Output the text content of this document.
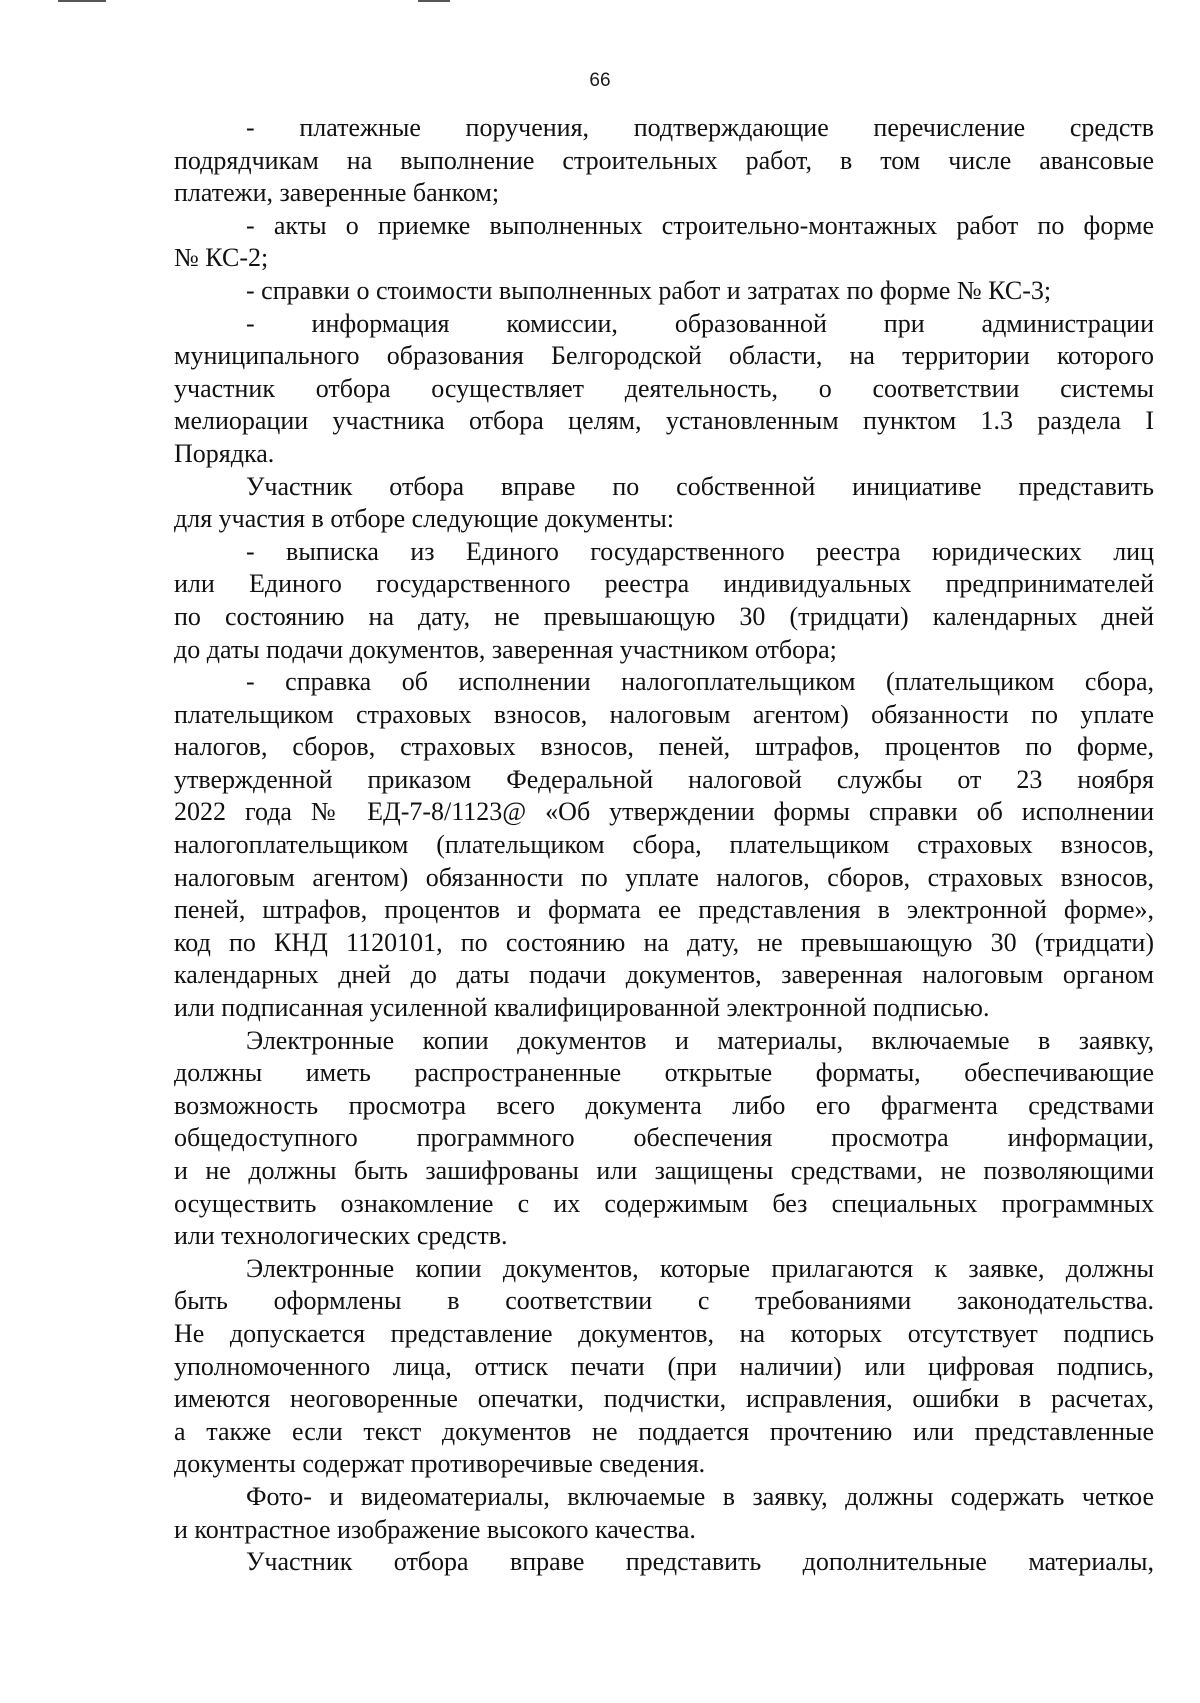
66
- платежные поручения, подтверждающие перечисление средств
подрядчикам на выполнение строительных работ, в том числе авансовые
платежи, заверенные банком;
- акты о приемке выполненных строительно-монтажных работ по форме
№ КС-2;
- справки о стоимости выполненных работ и затратах по форме № КС-3;
- информация комиссии, образованной при администрации
муниципального образования Белгородской области, на территории которого
участник отбора осуществляет деятельность, о соответствии системы
мелиорации участника отбора целям, установленным пунктом 1.3 раздела I
Порядка.
Участник отбора вправе по собственной инициативе представить
для участия в отборе следующие документы:
- выписка из Единого государственного реестра юридических лиц
или Единого государственного реестра индивидуальных предпринимателей
по состоянию на дату, не превышающую 30 (тридцати) календарных дней
до даты подачи документов, заверенная участником отбора;
- справка об исполнении налогоплательщиком (плательщиком сбора,
плательщиком страховых взносов, налоговым агентом) обязанности по уплате
налогов, сборов, страховых взносов, пеней, штрафов, процентов по форме,
утвержденной приказом Федеральной налоговой службы от 23 ноября
2022 года № ЕД-7-8/1123@ «Об утверждении формы справки об исполнении
налогоплательщиком (плательщиком сбора, плательщиком страховых взносов,
налоговым агентом) обязанности по уплате налогов, сборов, страховых взносов,
пеней, штрафов, процентов и формата ее представления в электронной форме»,
код по КНД 1120101, по состоянию на дату, не превышающую 30 (тридцати)
календарных дней до даты подачи документов, заверенная налоговым органом
или подписанная усиленной квалифицированной электронной подписью.
Электронные копии документов и материалы, включаемые в заявку,
должны иметь распространенные открытые форматы, обеспечивающие
возможность просмотра всего документа либо его фрагмента средствами
общедоступного программного обеспечения просмотра информации,
и не должны быть зашифрованы или защищены средствами, не позволяющими
осуществить ознакомление с их содержимым без специальных программных
или технологических средств.
Электронные копии документов, которые прилагаются к заявке, должны
быть оформлены в соответствии с требованиями законодательства.
Не допускается представление документов, на которых отсутствует подпись
уполномоченного лица, оттиск печати (при наличии) или цифровая подпись,
имеются неоговоренные опечатки, подчистки, исправления, ошибки в расчетах,
а также если текст документов не поддается прочтению или представленные
документы содержат противоречивые сведения.
Фото- и видеоматериалы, включаемые в заявку, должны содержать четкое
и контрастное изображение высокого качества.
Участник отбора вправе представить дополнительные материалы,
